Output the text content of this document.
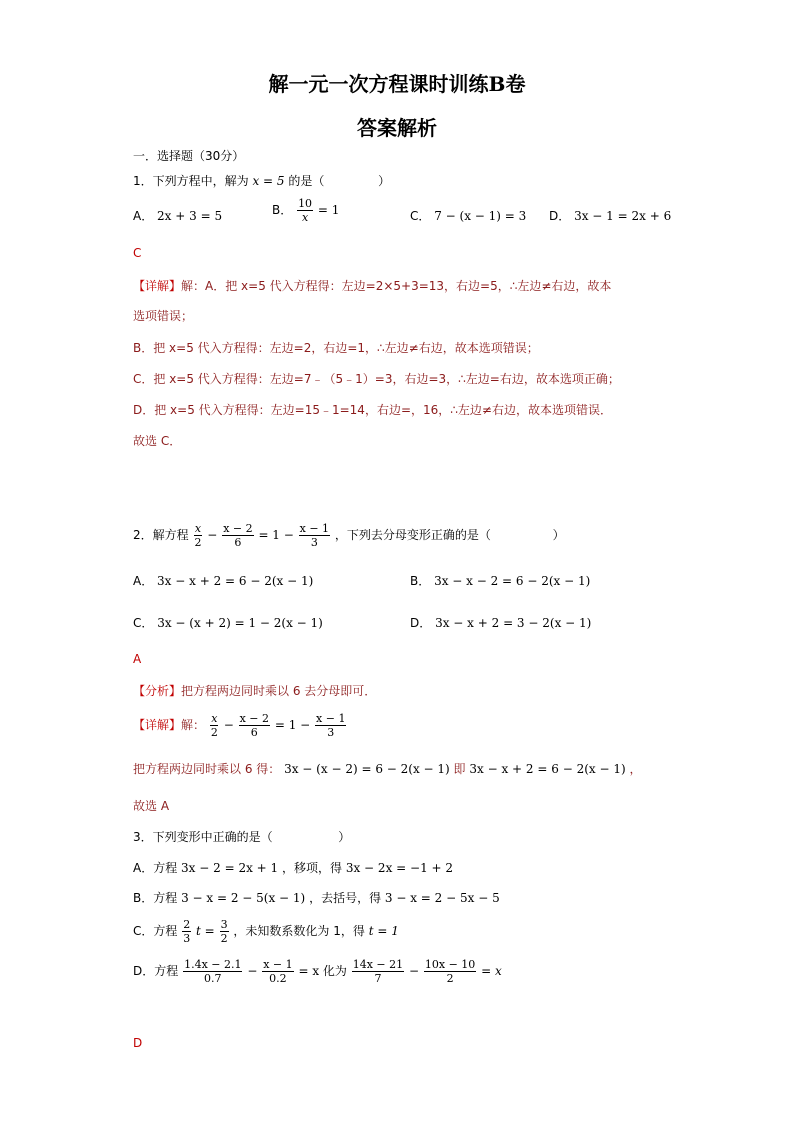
解一元一次方程课时训练B卷
答案解析
一．选择题（30分）
1．下列方程中，解为 x = 5 的是（	）
A． 2x + 3 = 5	B． $\frac{10}{x} = 1$	C． 7 − (x − 1) = 3 D． 3x − 1 = 2x + 6
C
【详解】解：A．把 x=5 代入方程得：左边=2×5+3=13，右边=5，∴左边≠右边，故本
选项错误；
B．把 x=5 代入方程得：左边=2，右边=1，∴左边≠右边，故本选项错误；
C．把 x=5 代入方程得：左边=7﹣（5﹣1）=3，右边=3，∴左边=右边，故本选项正确；
D．把 x=5 代入方程得：左边=15﹣1=14，右边=，16，∴左边≠右边，故本选项错误．
故选 C．
2．解方程 $\frac{x}{2} - \frac{x - 2}{6} = 1 - \frac{x - 1}{3}$ ，下列去分母变形正确的是（	）
A． 3x − x + 2 = 6 − 2(x − 1)	B． 3x − x − 2 = 6 − 2(x − 1)
C． 3x − (x + 2) = 1 − 2(x − 1)	D． 3x − x + 2 = 3 − 2(x − 1)
A
【分析】把方程两边同时乘以 6 去分母即可．
【详解】解： $\frac{x}{2} - \frac{x - 2}{6} = 1 - \frac{x - 1}{3}$
把方程两边同时乘以 6 得： 3x − (x − 2) = 6 − 2(x − 1) 即 3x − x + 2 = 6 − 2(x − 1) ，
故选 A
3．下列变形中正确的是（	）
A．方程 3x − 2 = 2x + 1 ，移项，得 3x − 2x = −1 + 2
B．方程 3 − x = 2 − 5(x − 1) ，去括号，得 3 − x = 2 − 5x − 5
C．方程 $\frac{2}{3}$ $t = \frac{3}{2}$ ，未知数系数化为 1，得 t = 1
D．方程 $\frac{1.4x - 2.1}{0.7} - \frac{x - 1}{0.2} = x$ 化为 $\frac{14x - 21}{7} - \frac{10x - 10}{2} = x$
D
